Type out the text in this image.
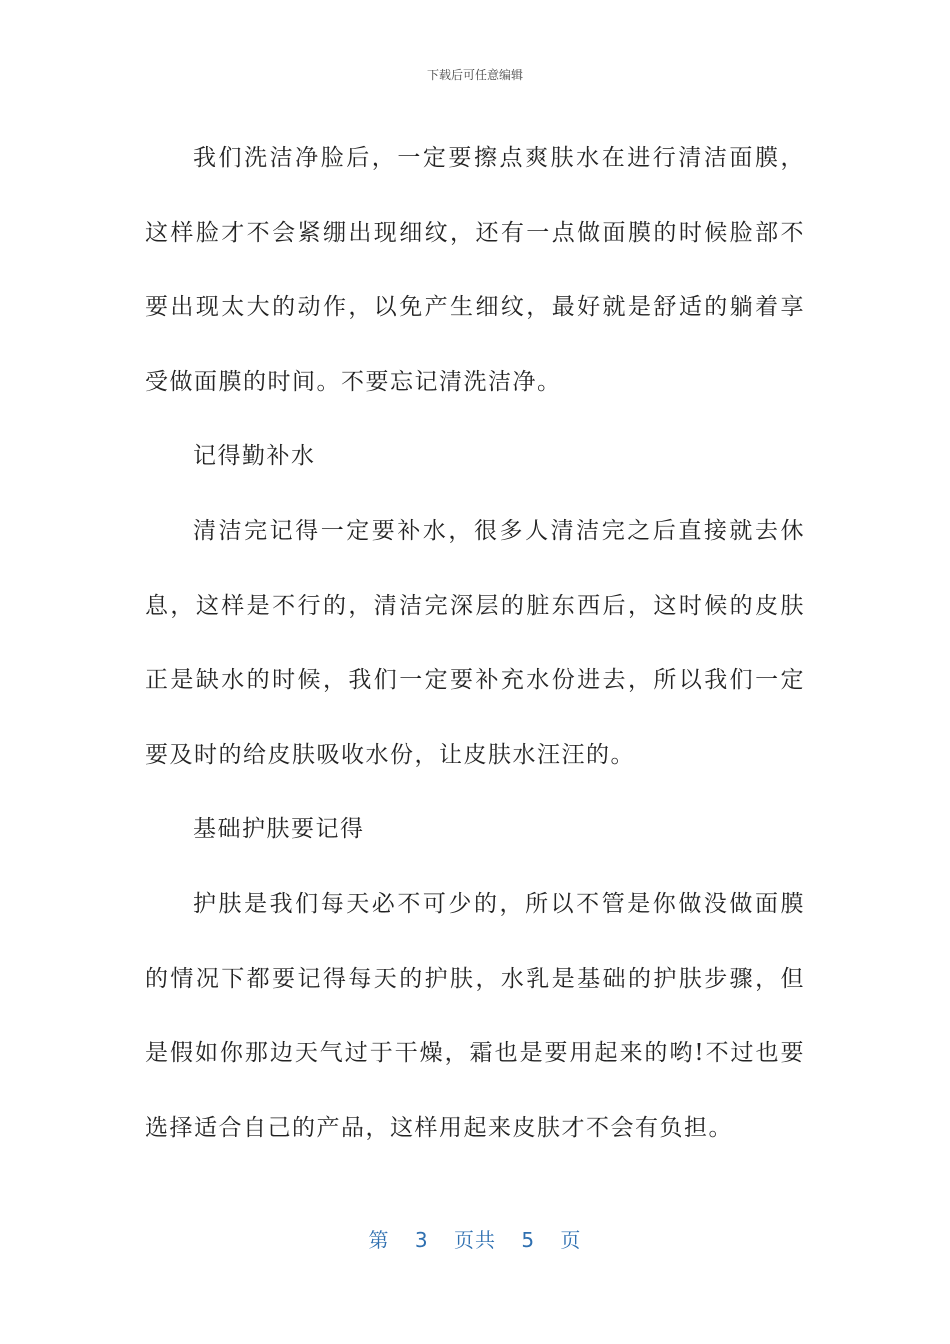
下载后可任意编辑

我们洗洁净脸后，一定要擦点爽肤水在进行清洁面膜，这样脸才不会紧绷出现细纹，还有一点做面膜的时候脸部不要出现太大的动作，以免产生细纹，最好就是舒适的躺着享受做面膜的时间。不要忘记清洗洁净。

记得勤补水

清洁完记得一定要补水，很多人清洁完之后直接就去休息，这样是不行的，清洁完深层的脏东西后，这时候的皮肤正是缺水的时候，我们一定要补充水份进去，所以我们一定要及时的给皮肤吸收水份，让皮肤水汪汪的。

基础护肤要记得

护肤是我们每天必不可少的，所以不管是你做没做面膜的情况下都要记得每天的护肤，水乳是基础的护肤步骤，但是假如你那边天气过于干燥，霜也是要用起来的哟!不过也要选择适合自己的产品，这样用起来皮肤才不会有负担。

第 3 页共 5 页
